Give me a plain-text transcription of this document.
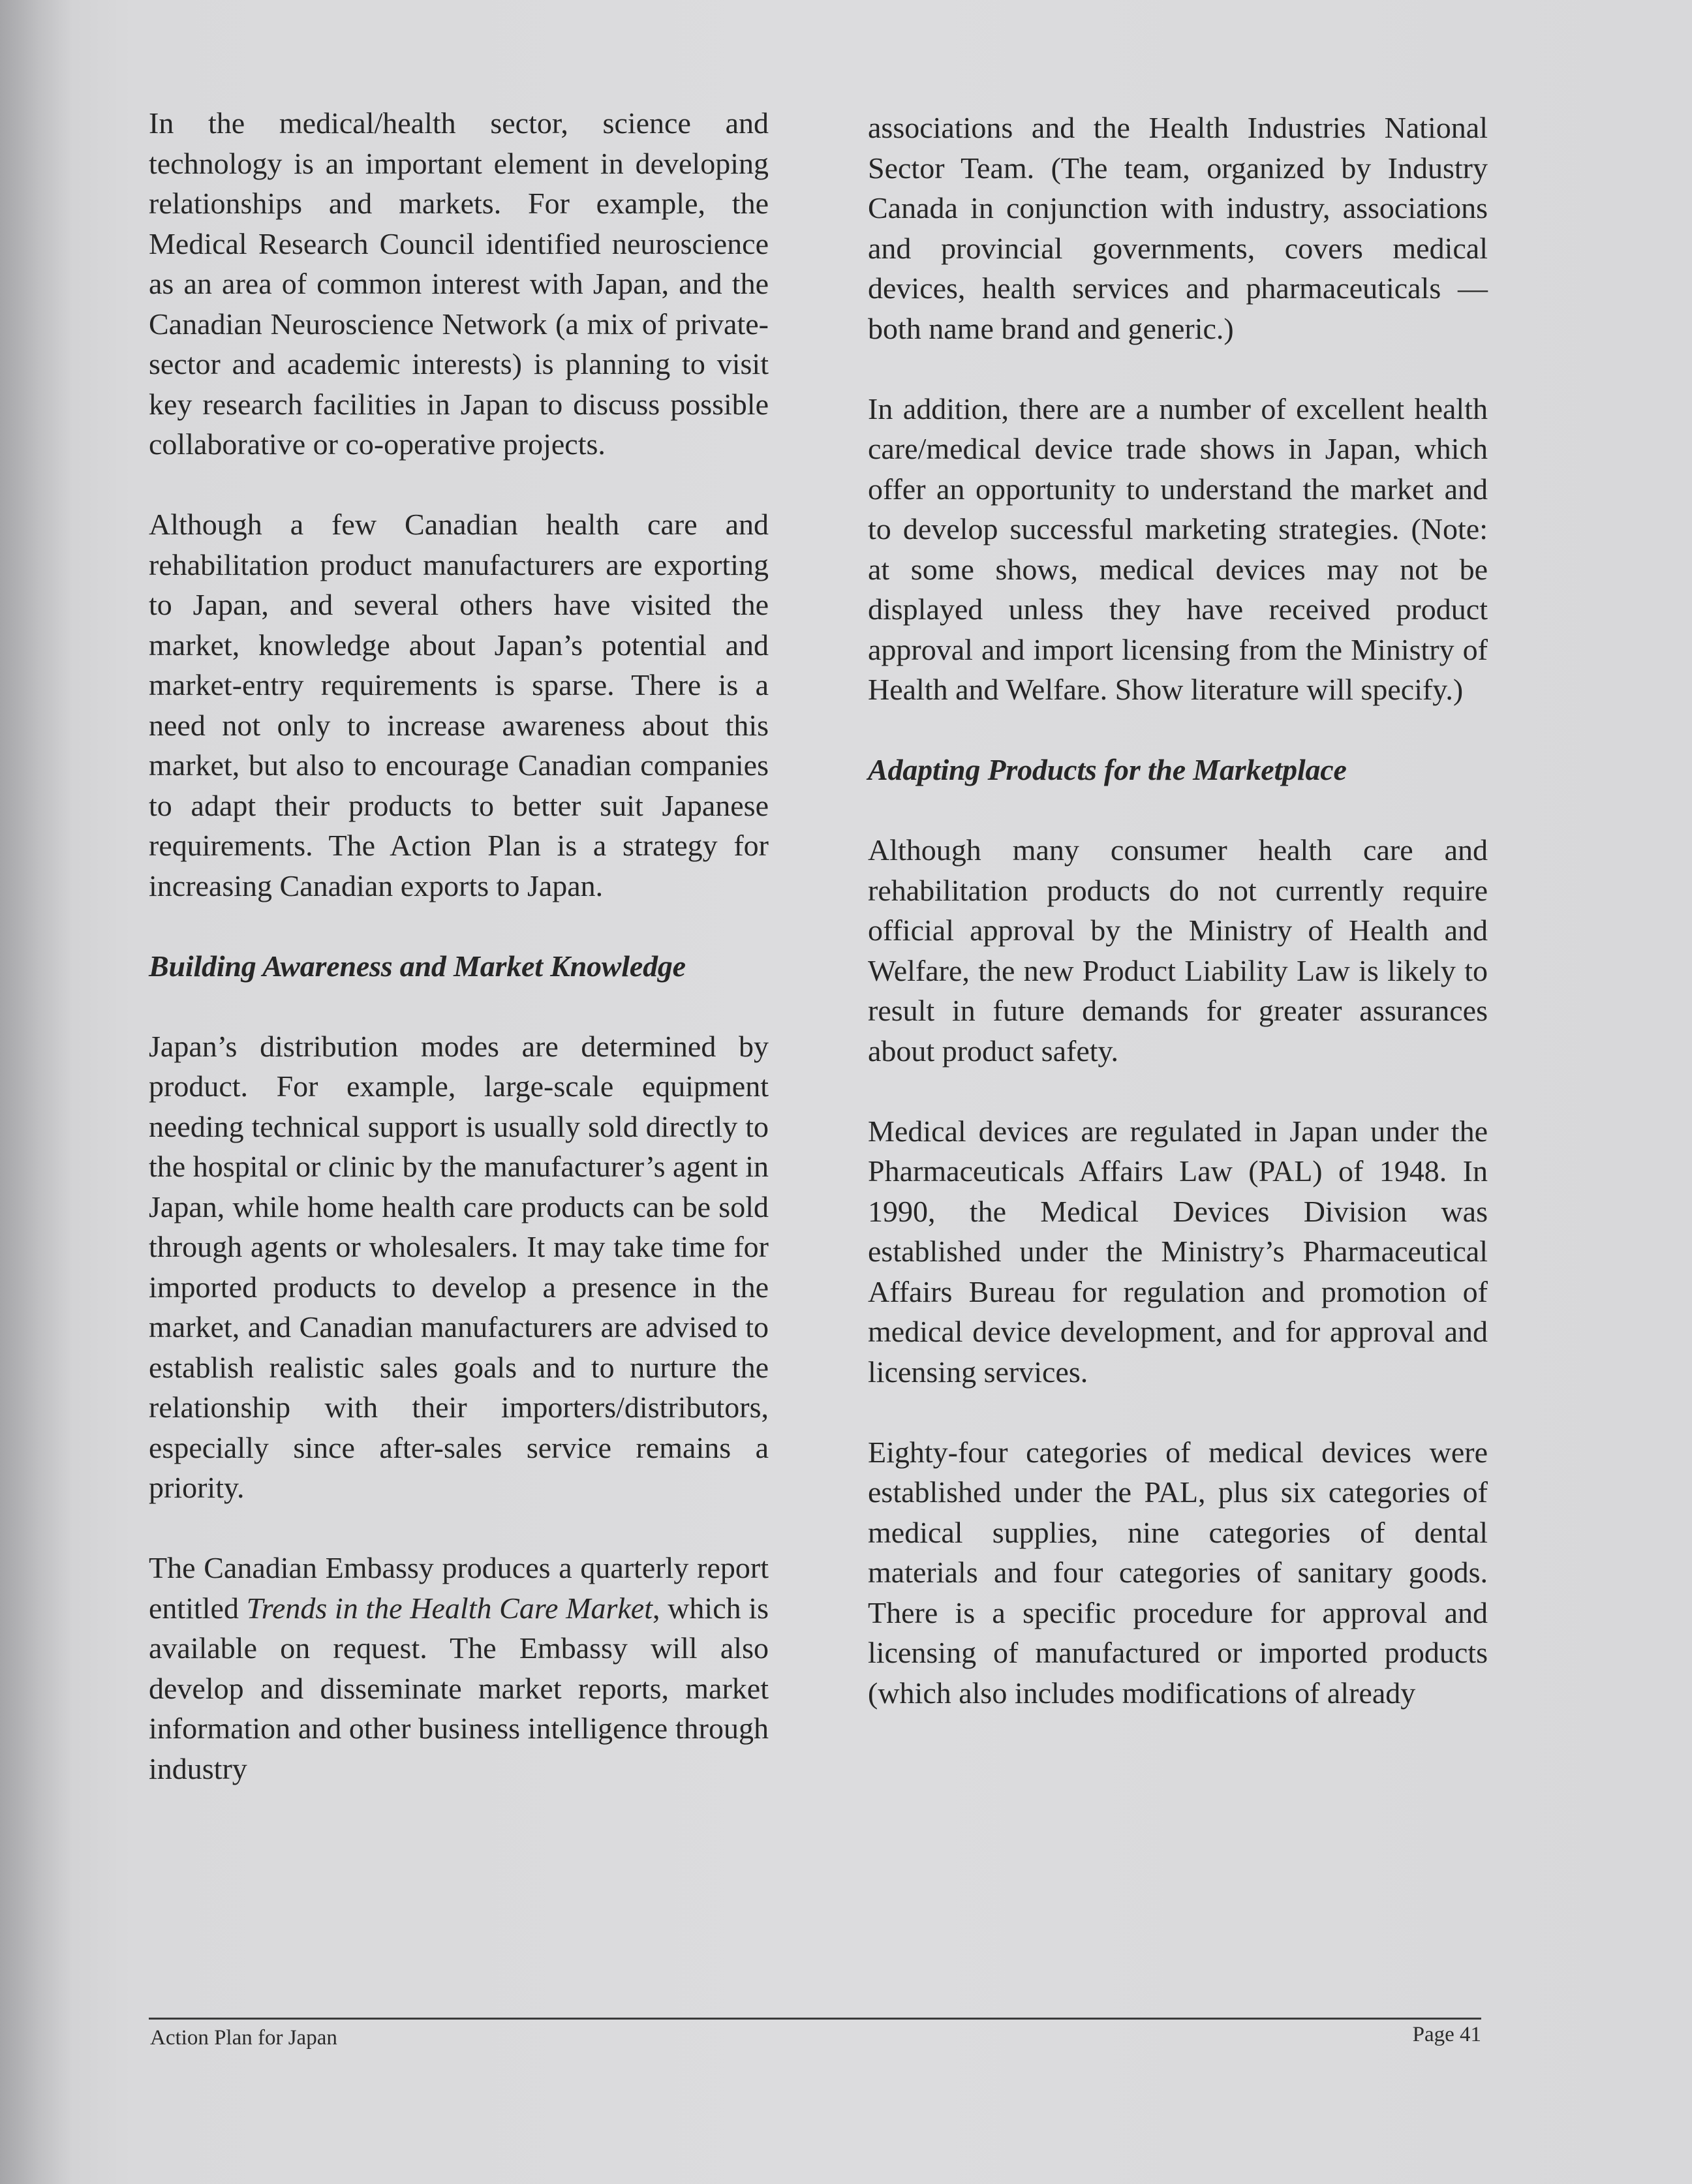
In the medical/health sector, science and technology is an important element in developing relationships and markets. For example, the Medical Research Council identified neuroscience as an area of common interest with Japan, and the Canadian Neuroscience Network (a mix of private-sector and academic interests) is planning to visit key research facilities in Japan to discuss possible collaborative or co-operative projects.

Although a few Canadian health care and rehabilitation product manufacturers are exporting to Japan, and several others have visited the market, knowledge about Japan’s potential and market-entry requirements is sparse. There is a need not only to increase awareness about this market, but also to encourage Canadian companies to adapt their products to better suit Japanese requirements. The Action Plan is a strategy for increasing Canadian exports to Japan.

Building Awareness and Market Knowledge

Japan’s distribution modes are determined by product. For example, large-scale equipment needing technical support is usually sold directly to the hospital or clinic by the manufacturer’s agent in Japan, while home health care products can be sold through agents or wholesalers. It may take time for imported products to develop a presence in the market, and Canadian manufacturers are advised to establish realistic sales goals and to nurture the relationship with their importers/distributors, especially since after-sales service remains a priority.

The Canadian Embassy produces a quarterly report entitled Trends in the Health Care Market, which is available on request. The Embassy will also develop and disseminate market reports, market information and other business intelligence through industry

associations and the Health Industries National Sector Team. (The team, organized by Industry Canada in conjunction with industry, associations and provincial governments, covers medical devices, health services and pharmaceuticals — both name brand and generic.)

In addition, there are a number of excellent health care/medical device trade shows in Japan, which offer an opportunity to understand the market and to develop successful marketing strategies. (Note: at some shows, medical devices may not be displayed unless they have received product approval and import licensing from the Ministry of Health and Welfare. Show literature will specify.)

Adapting Products for the Marketplace

Although many consumer health care and rehabilitation products do not currently require official approval by the Ministry of Health and Welfare, the new Product Liability Law is likely to result in future demands for greater assurances about product safety.

Medical devices are regulated in Japan under the Pharmaceuticals Affairs Law (PAL) of 1948. In 1990, the Medical Devices Division was established under the Ministry’s Pharmaceutical Affairs Bureau for regulation and promotion of medical device development, and for approval and licensing services.

Eighty-four categories of medical devices were established under the PAL, plus six categories of medical supplies, nine categories of dental materials and four categories of sanitary goods. There is a specific procedure for approval and licensing of manufactured or imported products (which also includes modifications of already

Action Plan for Japan	Page 41
